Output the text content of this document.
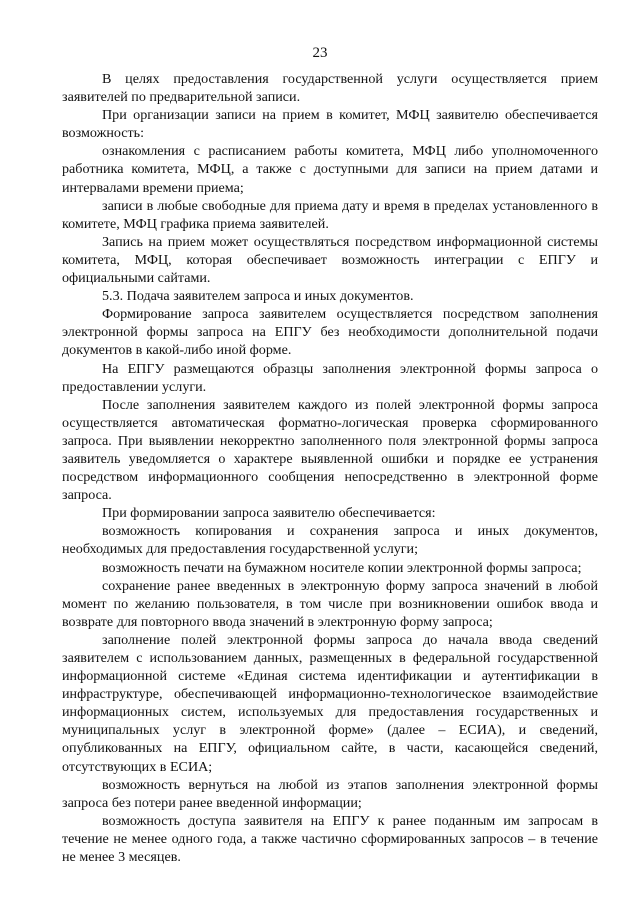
23

В целях предоставления государственной услуги осуществляется прием заявителей по предварительной записи.

При организации записи на прием в комитет, МФЦ заявителю обеспечивается возможность:

ознакомления с расписанием работы комитета, МФЦ либо уполномоченного работника комитета, МФЦ, а также с доступными для записи на прием датами и интервалами времени приема;

записи в любые свободные для приема дату и время в пределах установленного в комитете, МФЦ графика приема заявителей.

Запись на прием может осуществляться посредством информационной системы комитета, МФЦ, которая обеспечивает возможность интеграции с ЕПГУ и официальными сайтами.

5.3. Подача заявителем запроса и иных документов.

Формирование запроса заявителем осуществляется посредством заполнения электронной формы запроса на ЕПГУ без необходимости дополнительной подачи документов в какой-либо иной форме.

На ЕПГУ размещаются образцы заполнения электронной формы запроса о предоставлении услуги.

После заполнения заявителем каждого из полей электронной формы запроса осуществляется автоматическая форматно-логическая проверка сформированного запроса. При выявлении некорректно заполненного поля электронной формы запроса заявитель уведомляется о характере выявленной ошибки и порядке ее устранения посредством информационного сообщения непосредственно в электронной форме запроса.

При формировании запроса заявителю обеспечивается:

возможность копирования и сохранения запроса и иных документов, необходимых для предоставления государственной услуги;

возможность печати на бумажном носителе копии электронной формы запроса;

сохранение ранее введенных в электронную форму запроса значений в любой момент по желанию пользователя, в том числе при возникновении ошибок ввода и возврате для повторного ввода значений в электронную форму запроса;

заполнение полей электронной формы запроса до начала ввода сведений заявителем с использованием данных, размещенных в федеральной государственной информационной системе «Единая система идентификации и аутентификации в инфраструктуре, обеспечивающей информационно-технологическое взаимодействие информационных систем, используемых для предоставления государственных и муниципальных услуг в электронной форме» (далее – ЕСИА), и сведений, опубликованных на ЕПГУ, официальном сайте, в части, касающейся сведений, отсутствующих в ЕСИА;

возможность вернуться на любой из этапов заполнения электронной формы запроса без потери ранее введенной информации;

возможность доступа заявителя на ЕПГУ к ранее поданным им запросам в течение не менее одного года, а также частично сформированных запросов – в течение не менее 3 месяцев.
